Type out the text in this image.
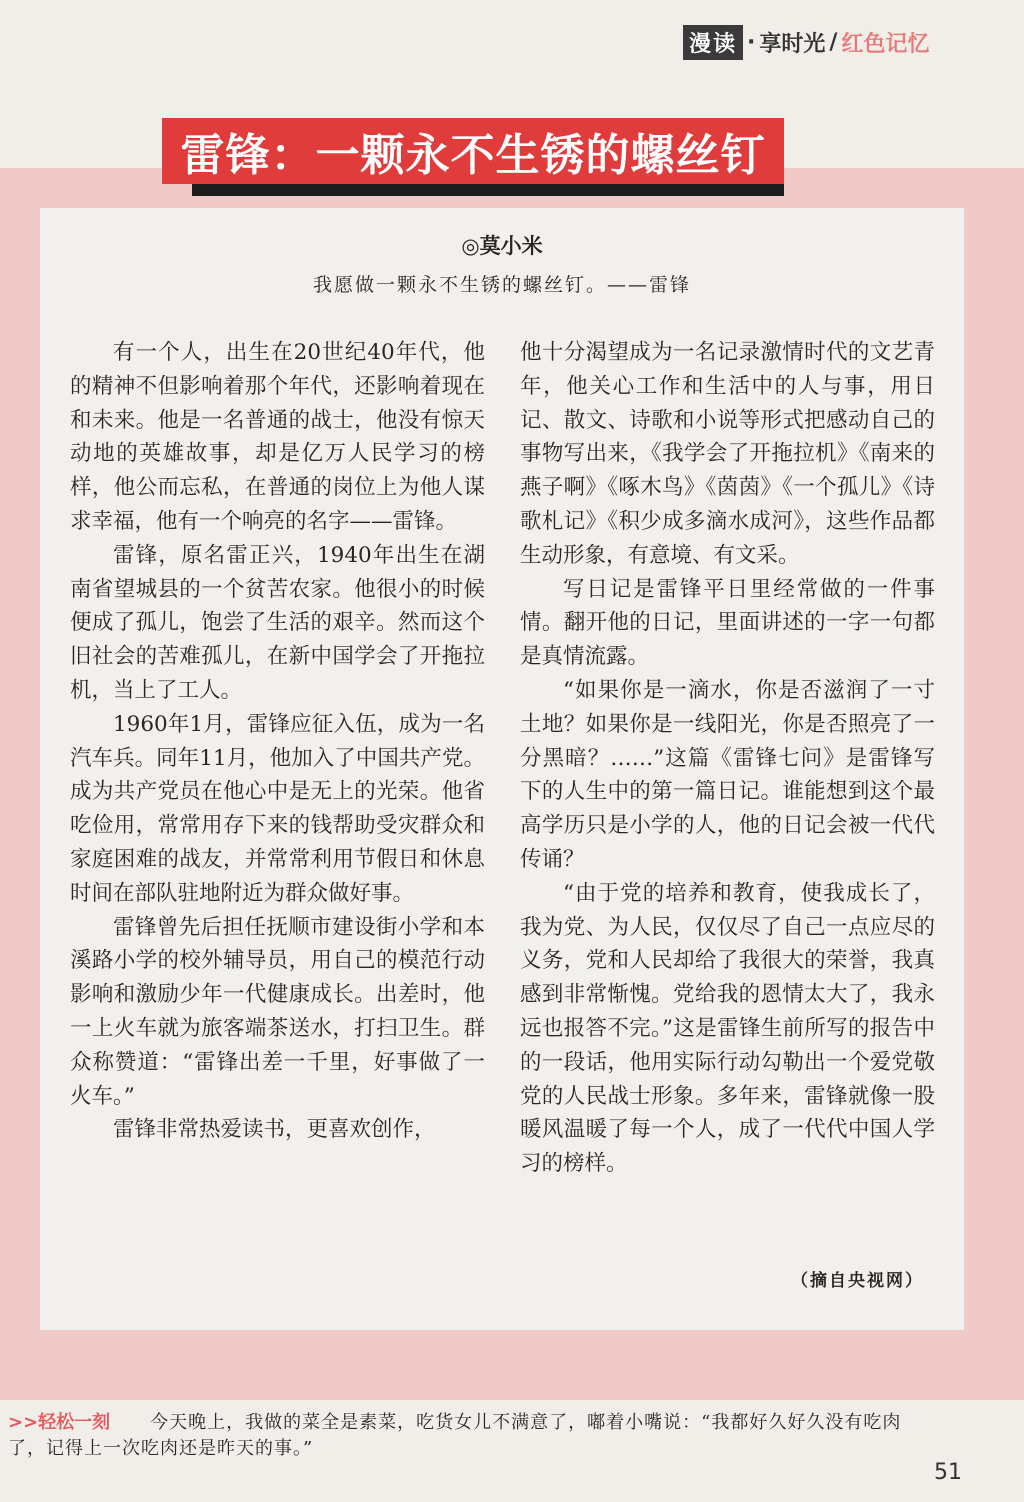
漫读 · 享时光 / 红色记忆
雷锋：一颗永不生锈的螺丝钉
◎莫小米
我愿做一颗永不生锈的螺丝钉。——雷锋

有一个人，出生在20世纪40年代，他的精神不但影响着那个年代，还影响着现在和未来。他是一名普通的战士，他没有惊天动地的英雄故事，却是亿万人民学习的榜样，他公而忘私，在普通的岗位上为他人谋求幸福，他有一个响亮的名字——雷锋。

雷锋，原名雷正兴，1940年出生在湖南省望城县的一个贫苦农家。他很小的时候便成了孤儿，饱尝了生活的艰辛。然而这个旧社会的苦难孤儿，在新中国学会了开拖拉机，当上了工人。

1960年1月，雷锋应征入伍，成为一名汽车兵。同年11月，他加入了中国共产党。成为共产党员在他心中是无上的光荣。他省吃俭用，常常用存下来的钱帮助受灾群众和家庭困难的战友，并常常利用节假日和休息时间在部队驻地附近为群众做好事。

雷锋曾先后担任抚顺市建设街小学和本溪路小学的校外辅导员，用自己的模范行动影响和激励少年一代健康成长。出差时，他一上火车就为旅客端茶送水，打扫卫生。群众称赞道：“雷锋出差一千里，好事做了一火车。”

雷锋非常热爱读书，更喜欢创作，

他十分渴望成为一名记录激情时代的文艺青年，他关心工作和生活中的人与事，用日记、散文、诗歌和小说等形式把感动自己的事物写出来，《我学会了开拖拉机》《南来的燕子啊》《啄木鸟》《茵茵》《一个孤儿》《诗歌札记》《积少成多滴水成河》，这些作品都生动形象，有意境、有文采。

写日记是雷锋平日里经常做的一件事情。翻开他的日记，里面讲述的一字一句都是真情流露。

“如果你是一滴水，你是否滋润了一寸土地？如果你是一线阳光，你是否照亮了一分黑暗？……”这篇《雷锋七问》是雷锋写下的人生中的第一篇日记。谁能想到这个最高学历只是小学的人，他的日记会被一代代传诵？

“由于党的培养和教育，使我成长了，我为党、为人民，仅仅尽了自己一点应尽的义务，党和人民却给了我很大的荣誉，我真感到非常惭愧。党给我的恩情太大了，我永远也报答不完。”这是雷锋生前所写的报告中的一段话，他用实际行动勾勒出一个爱党敬党的人民战士形象。多年来，雷锋就像一股暖风温暖了每一个人，成了一代代中国人学习的榜样。

（摘自央视网）
>>轻松一刻 今天晚上，我做的菜全是素菜，吃货女儿不满意了，嘟着小嘴说：“我都好久好久没有吃肉了，记得上一次吃肉还是昨天的事。”
51
